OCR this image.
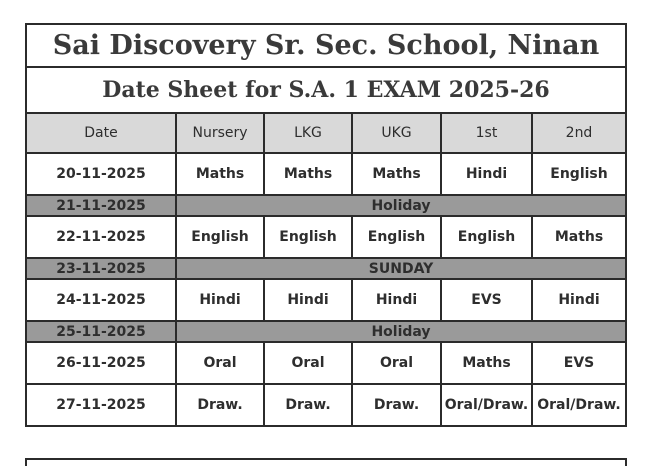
Sai Discovery Sr. Sec. School, Ninan
Date Sheet for S.A. 1 EXAM 2025-26
Date	Nursery	LKG	UKG	1st	2nd
20-11-2025	Maths	Maths	Maths	Hindi	English
21-11-2025	Holiday				
22-11-2025	English	English	English	English	Maths
23-11-2025	SUNDAY				
24-11-2025	Hindi	Hindi	Hindi	EVS	Hindi
25-11-2025	Holiday				
26-11-2025	Oral	Oral	Oral	Maths	EVS
27-11-2025	Draw.	Draw.	Draw.	Oral/Draw.	Oral/Draw.
